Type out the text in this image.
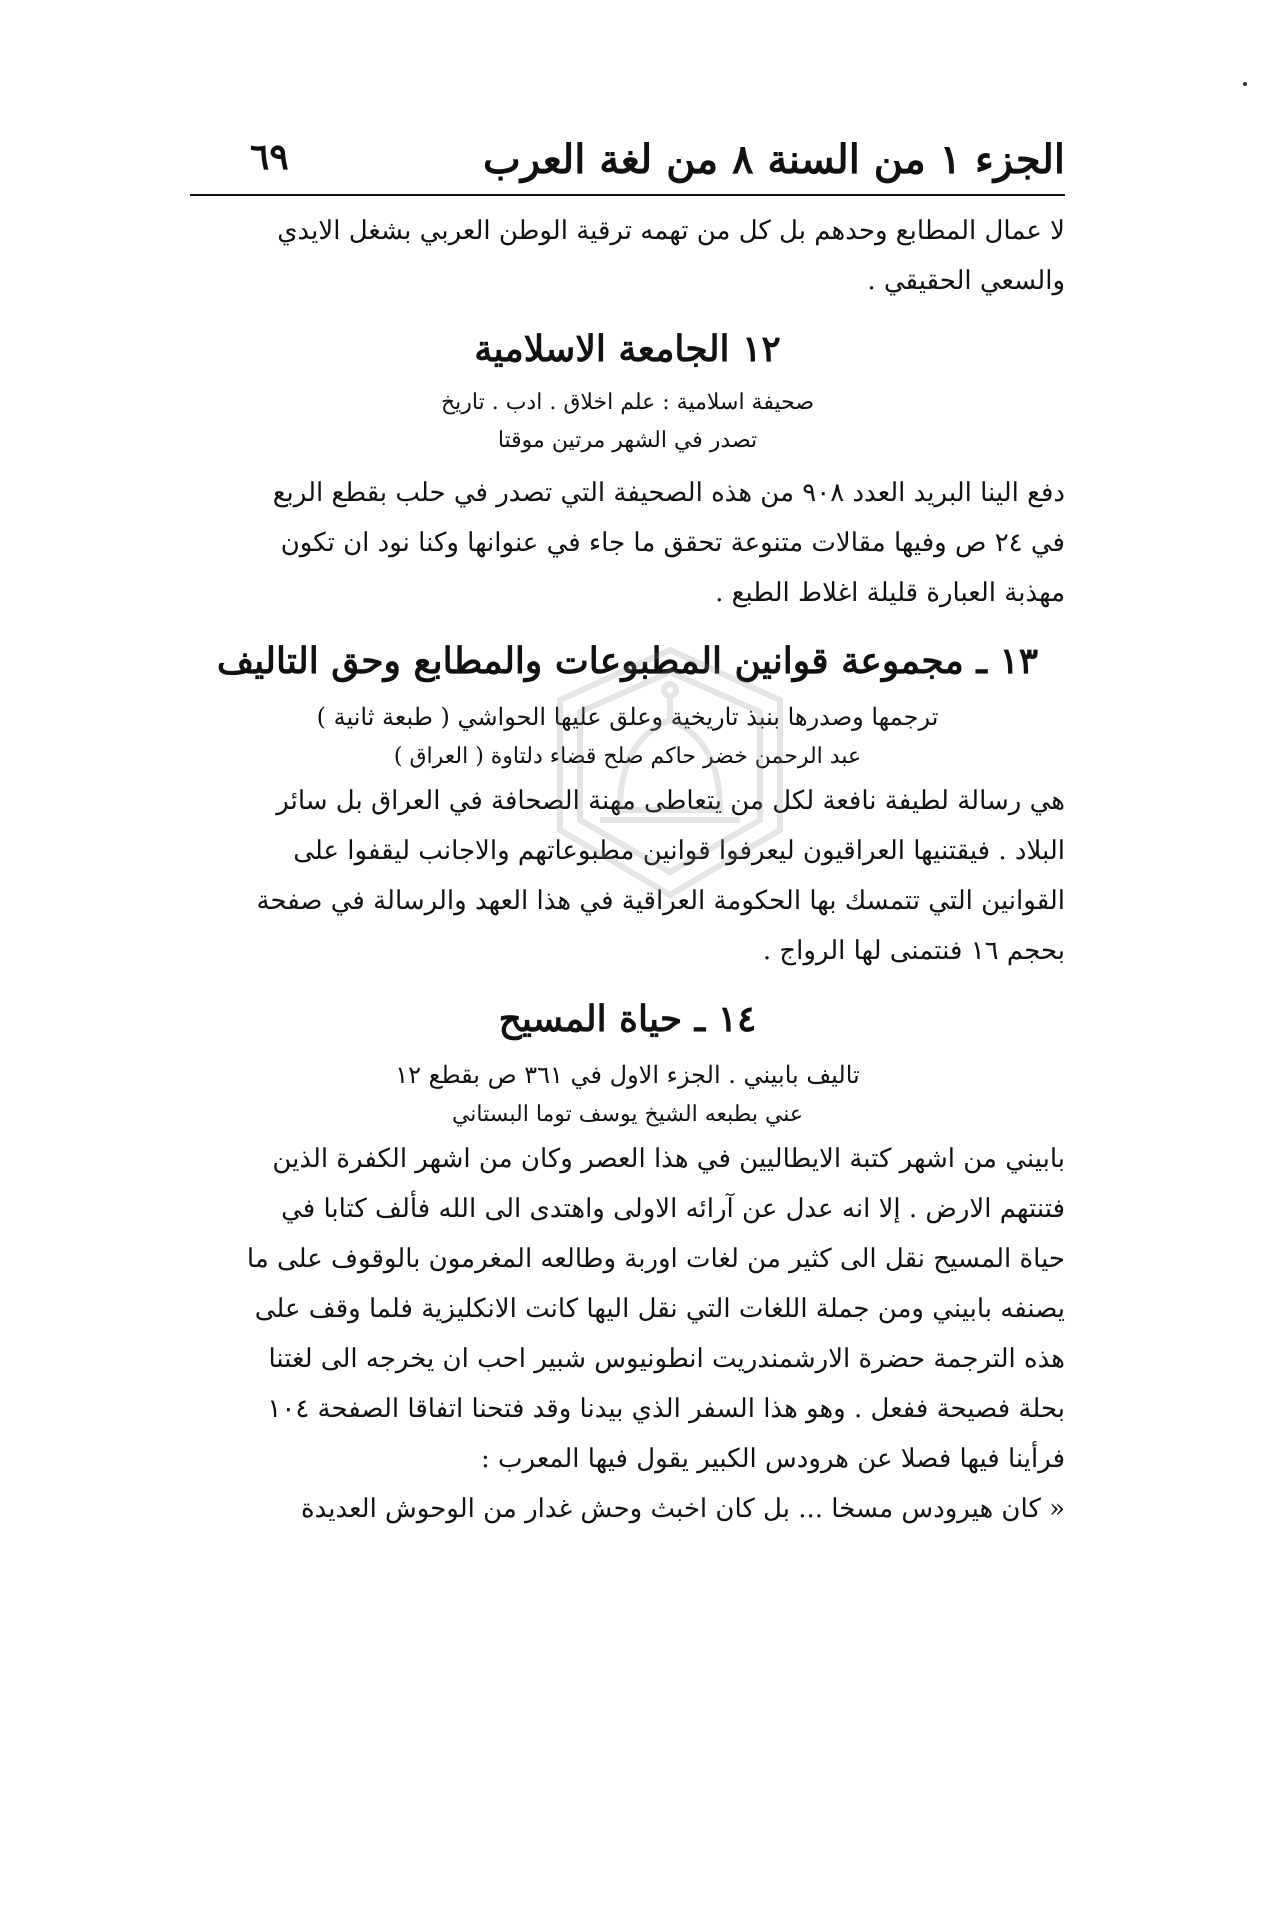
الجزء ١ من السنة ٨ من لغة العرب
٦٩

لا عمال المطابع وحدهم بل كل من تهمه ترقية الوطن العربي بشغل الايدي

والسعي الحقيقي .

١٢ الجامعة الاسلامية

صحيفة اسلامية : علم اخلاق . ادب . تاريخ

تصدر في الشهر مرتين موقتا

دفع الينا البريد العدد ٩٠٨ من هذه الصحيفة التي تصدر في حلب بقطع الربع

في ٢٤ ص وفيها مقالات متنوعة تحقق ما جاء في عنوانها وكنا نود ان تكون

مهذبة العبارة قليلة اغلاط الطبع .

١٣ ـ مجموعة قوانين المطبوعات والمطابع وحق التاليف

ترجمها وصدرها بنبذ تاريخية وعلق عليها الحواشي ( طبعة ثانية )

عبد الرحمن خضر حاكم صلح قضاء دلتاوة ( العراق )

هي رسالة لطيفة نافعة لكل من يتعاطى مهنة الصحافة في العراق بل سائر

البلاد . فيقتنيها العراقيون ليعرفوا قوانين مطبوعاتهم والاجانب ليقفوا على

القوانين التي تتمسك بها الحكومة العراقية في هذا العهد والرسالة في صفحة

بحجم ١٦ فنتمنى لها الرواج .

١٤ ـ حياة المسيح

تاليف بابيني . الجزء الاول في ٣٦١ ص بقطع ١٢

عني بطبعه الشيخ يوسف توما البستاني

بابيني من اشهر كتبة الايطاليين في هذا العصر وكان من اشهر الكفرة الذين

فتنتهم الارض . إلا انه عدل عن آرائه الاولى واهتدى الى الله فألف كتابا في

حياة المسيح نقل الى كثير من لغات اوربة وطالعه المغرمون بالوقوف على ما

يصنفه بابيني ومن جملة اللغات التي نقل اليها كانت الانكليزية فلما وقف على

هذه الترجمة حضرة الارشمندريت انطونيوس شبير احب ان يخرجه الى لغتنا

بحلة فصيحة ففعل . وهو هذا السفر الذي بيدنا وقد فتحنا اتفاقا الصفحة ١٠٤

فرأينا فيها فصلا عن هرودس الكبير يقول فيها المعرب :

« كان هيرودس مسخا ... بل كان اخبث وحش غدار من الوحوش العديدة
